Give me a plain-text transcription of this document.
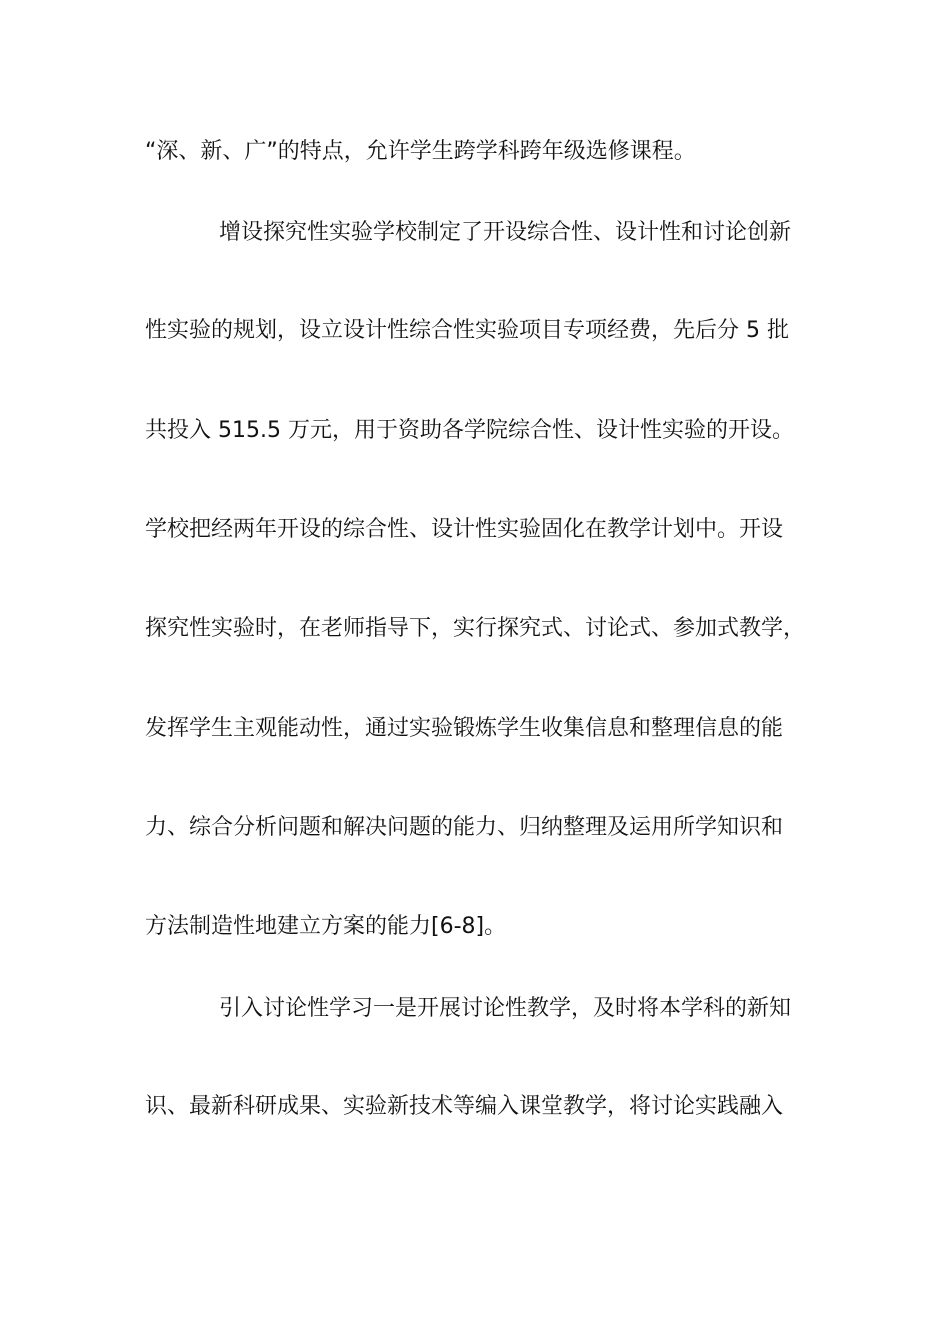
“深、新、广”的特点，允许学生跨学科跨年级选修课程。
增设探究性实验学校制定了开设综合性、设计性和讨论创新
性实验的规划，设立设计性综合性实验项目专项经费，先后分 5 批
共投入 515.5 万元，用于资助各学院综合性、设计性实验的开设。
学校把经两年开设的综合性、设计性实验固化在教学计划中。开设
探究性实验时，在老师指导下，实行探究式、讨论式、参加式教学，
发挥学生主观能动性，通过实验锻炼学生收集信息和整理信息的能
力、综合分析问题和解决问题的能力、归纳整理及运用所学知识和
方法制造性地建立方案的能力[6-8]。
引入讨论性学习一是开展讨论性教学，及时将本学科的新知
识、最新科研成果、实验新技术等编入课堂教学，将讨论实践融入
